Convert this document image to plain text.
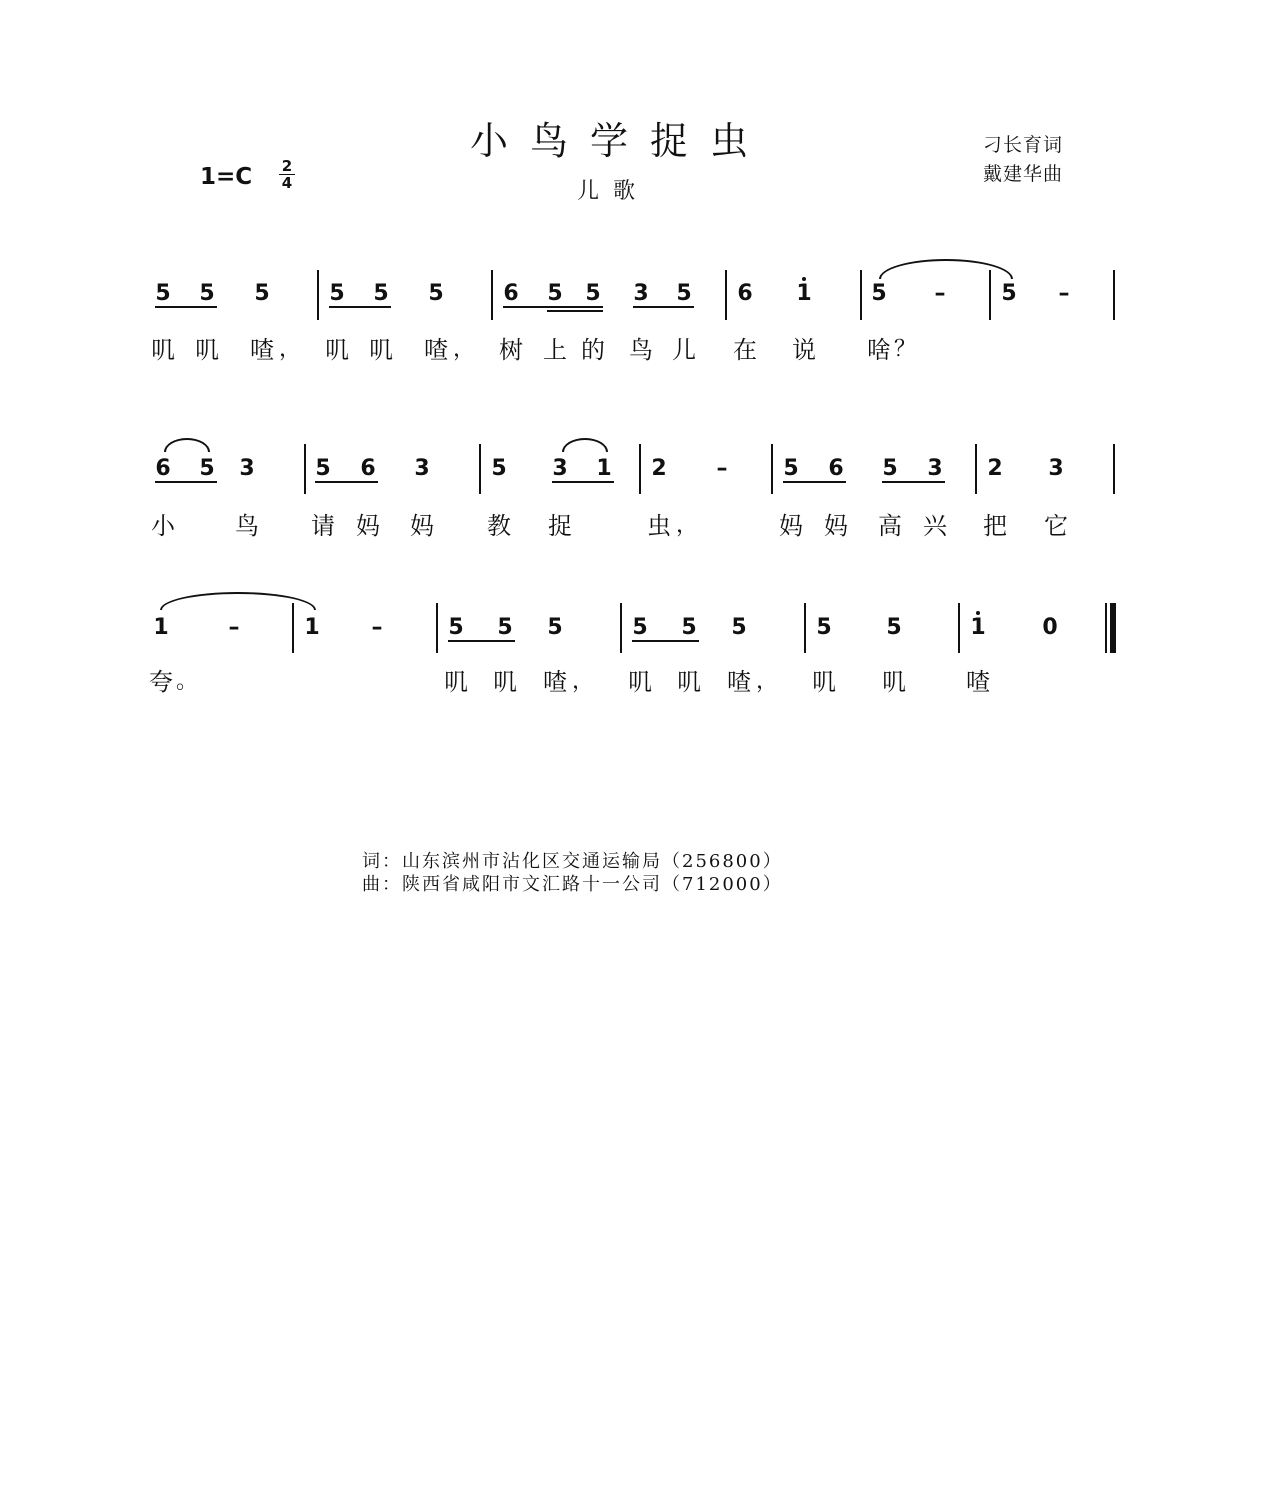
小鸟学捉虫
儿歌
刁长育词
戴建华曲
$1=C \frac{2}{4}$
5 5 5	5 5 5	6 5 5 3 5 6 1	5 –	5 –
叽 叽 喳 ， 叽 叽 喳 ， 树 上 的 鸟 儿 在 说 啥 ？
6 5 3	5 6 3	5 3 1 2 –	5 6 5 3 2 3
小	鸟 请 妈 妈 教 捉	虫 ，	妈 妈 高 兴 把 它
1	–	1 –	5 5 5	5 5 5	5 5	1	0
夸 。	叽 叽 喳 ， 叽 叽 喳 ， 叽 叽	喳
词：山东滨州市沾化区交通运输局（256800）
曲：陕西省咸阳市文汇路十一公司（712000）
